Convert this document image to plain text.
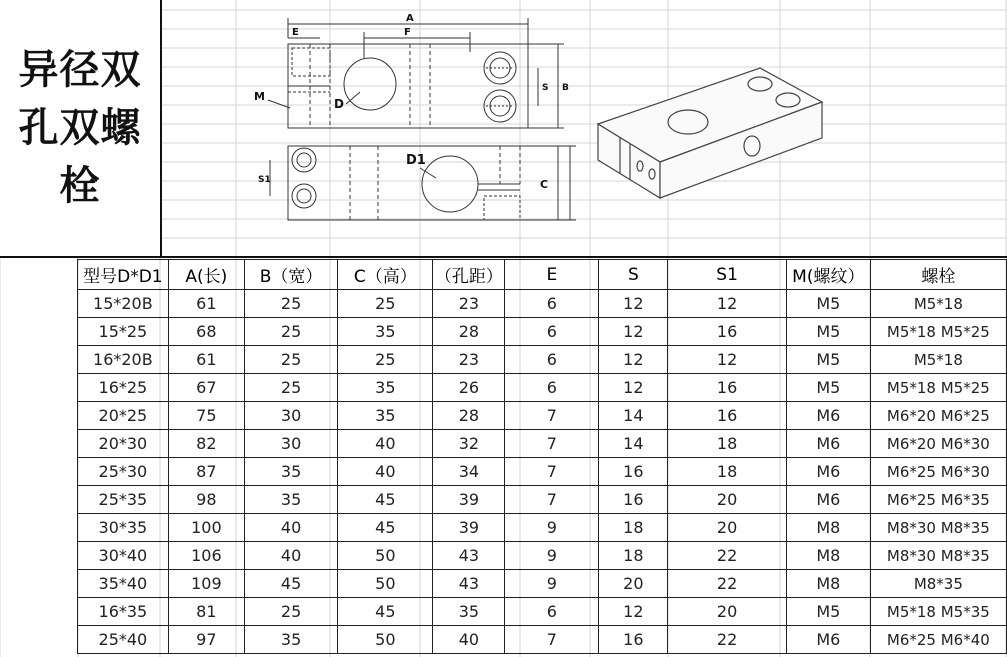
异径双孔双螺栓
A
E	F
M
D
S B
S1
D1
C
型号D*D1	A(长)	B（宽）	C（高）	（孔距）	E	S	S1	M(螺纹）	螺栓
15*20B	61	25	25	23	6	12	12	M5	M5*18
15*25	68	25	35	28	6	12	16	M5	M5*18 M5*25
16*20B	61	25	25	23	6	12	12	M5	M5*18
16*25	67	25	35	26	6	12	16	M5	M5*18 M5*25
20*25	75	30	35	28	7	14	16	M6	M6*20 M6*25
20*30	82	30	40	32	7	14	18	M6	M6*20 M6*30
25*30	87	35	40	34	7	16	18	M6	M6*25 M6*30
25*35	98	35	45	39	7	16	20	M6	M6*25 M6*35
30*35	100	40	45	39	9	18	20	M8	M8*30 M8*35
30*40	106	40	50	43	9	18	22	M8	M8*30 M8*35
35*40	109	45	50	43	9	20	22	M8	M8*35
16*35	81	25	45	35	6	12	20	M5	M5*18 M5*35
25*40	97	35	50	40	7	16	22	M6	M6*25 M6*40
